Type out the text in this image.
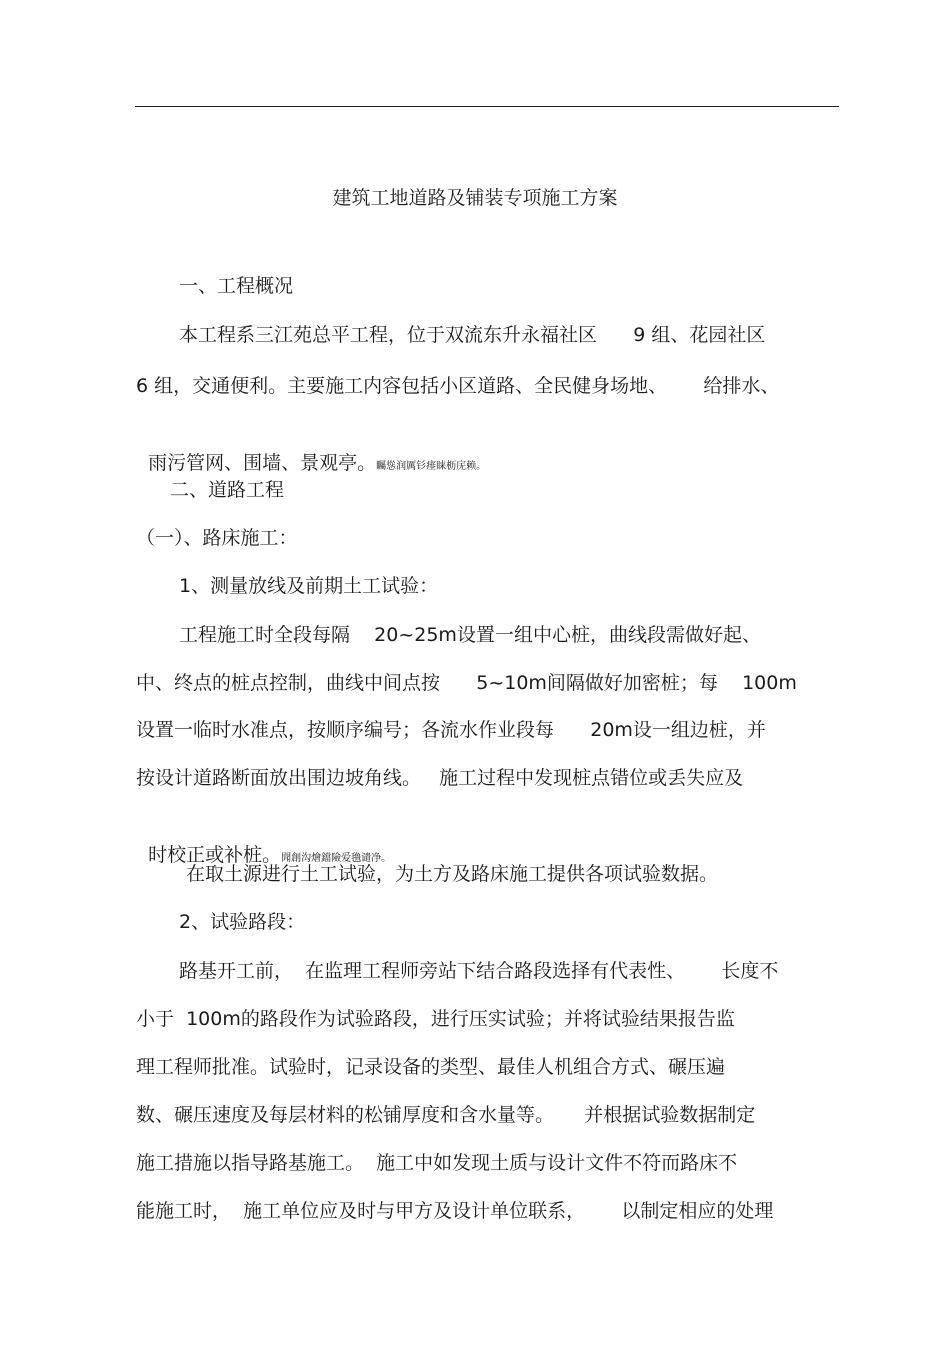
建筑工地道路及铺装专项施工方案
一、工程概况
本工程系三江苑总平工程，位于双流东升永福社区      9 组、花园社区
6 组，交通便利。主要施工内容包括小区道路、全民健身场地、      给排水、

雨污管网、围墙、景观亭。矚慫润厲钐瘗睐枥庑赖。

二、道路工程
（一）、路床施工：
1、测量放线及前期土工试验：
工程施工时全段每隔    20~25m设置一组中心桩，曲线段需做好起、
中、终点的桩点控制，曲线中间点按      5~10m间隔做好加密桩；每    100m
设置一临时水准点，按顺序编号；各流水作业段每      20m设一组边桩，并
按设计道路断面放出围边坡角线。   施工过程中发现桩点错位或丢失应及

时校正或补桩。聞創沟燴鐺險爱氇谴净。

在取土源进行土工试验，为土方及路床施工提供各项试验数据。
2、试验路段：
路基开工前，  在监理工程师旁站下结合路段选择有代表性、      长度不
小于  100m的路段作为试验路段，进行压实试验；并将试验结果报告监
理工程师批准。试验时，记录设备的类型、最佳人机组合方式、碾压遍
数、碾压速度及每层材料的松铺厚度和含水量等。     并根据试验数据制定
施工措施以指导路基施工。  施工中如发现土质与设计文件不符而路床不
能施工时，  施工单位应及时与甲方及设计单位联系，      以制定相应的处理
